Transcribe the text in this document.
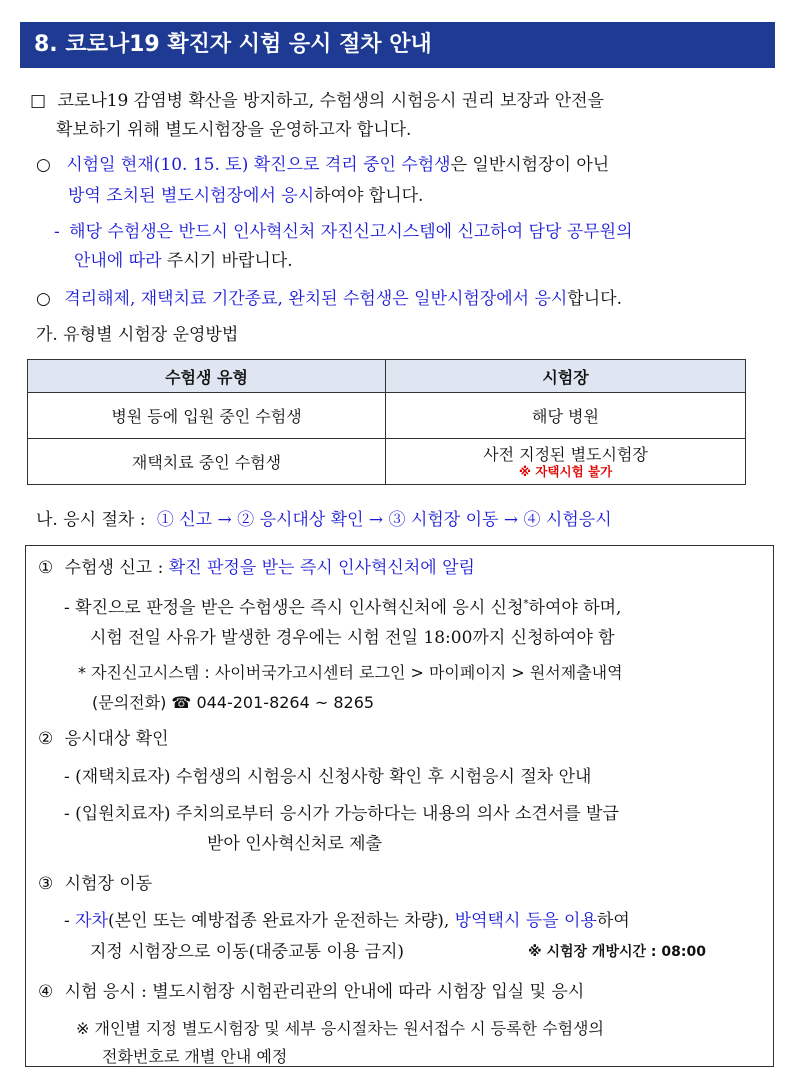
8. 코로나19 확진자 시험 응시 절차 안내
□ 코로나19 감염병 확산을 방지하고, 수험생의 시험응시 권리 보장과 안전을
확보하기 위해 별도시험장을 운영하고자 합니다.
○ 시험일 현재(10. 15. 토) 확진으로 격리 중인 수험생은 일반시험장이 아닌
방역 조치된 별도시험장에서 응시하여야 합니다.
- 해당 수험생은 반드시 인사혁신처 자진신고시스템에 신고하여 담당 공무원의
안내에 따라 주시기 바랍니다.
○ 격리해제, 재택치료 기간종료, 완치된 수험생은 일반시험장에서 응시합니다.
가. 유형별 시험장 운영방법
수험생 유형	시험장
병원 등에 입원 중인 수험생	해당 병원
재택치료 중인 수험생	사전 지정된 별도시험장
※ 자택시험 불가
나. 응시 절차 : ① 신고 → ② 응시대상 확인 → ③ 시험장 이동 → ④ 시험응시
① 수험생 신고 : 확진 판정을 받는 즉시 인사혁신처에 알림
- 확진으로 판정을 받은 수험생은 즉시 인사혁신처에 응시 신청*하여야 하며,
시험 전일 사유가 발생한 경우에는 시험 전일 18:00까지 신청하여야 함
* 자진신고시스템 : 사이버국가고시센터 로그인 > 마이페이지 > 원서제출내역
(문의전화) ☎ 044-201-8264 ~ 8265
② 응시대상 확인
- (재택치료자) 수험생의 시험응시 신청사항 확인 후 시험응시 절차 안내
- (입원치료자) 주치의로부터 응시가 가능하다는 내용의 의사 소견서를 발급
받아 인사혁신처로 제출
③ 시험장 이동
- 자차(본인 또는 예방접종 완료자가 운전하는 차량), 방역택시 등을 이용하여
지정 시험장으로 이동(대중교통 이용 금지)	※ 시험장 개방시간 : 08:00
④ 시험 응시 : 별도시험장 시험관리관의 안내에 따라 시험장 입실 및 응시
※ 개인별 지정 별도시험장 및 세부 응시절차는 원서접수 시 등록한 수험생의
전화번호로 개별 안내 예정
